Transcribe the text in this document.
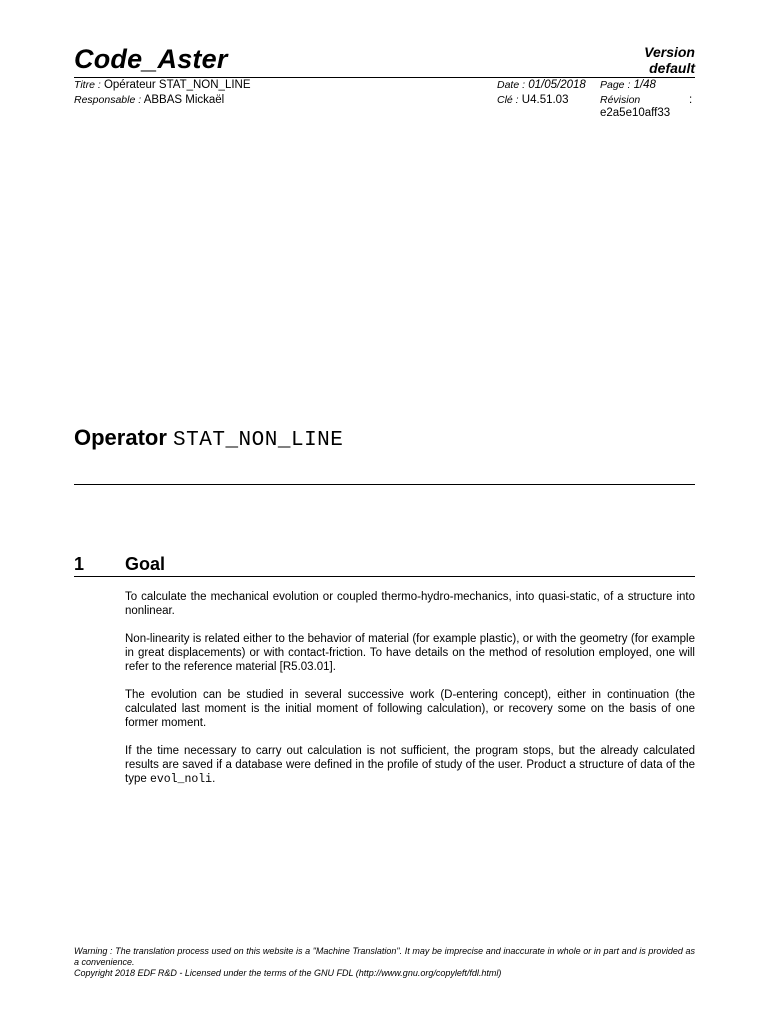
Code_Aster	Version
default
Titre : Opérateur STAT_NON_LINE
Responsable : ABBAS Mickaël
Date : 01/05/2018 Page : 1/48
Clé : U4.51.03	Révision	:
e2a5e10aff33
Operator STAT_NON_LINE
1 Goal

To calculate the mechanical evolution or coupled thermo-hydro-mechanics, into quasi-static, of a structure into nonlinear.

Non-linearity is related either to the behavior of material (for example plastic), or with the geometry (for example in great displacements) or with contact-friction. To have details on the method of resolution employed, one will refer to the reference material [R5.03.01].

The evolution can be studied in several successive work (D-entering concept), either in continuation (the calculated last moment is the initial moment of following calculation), or recovery some on the basis of one former moment.

If the time necessary to carry out calculation is not sufficient, the program stops, but the already calculated results are saved if a database were defined in the profile of study of the user. Product a structure of data of the type evol_noli.

Warning : The translation process used on this website is a "Machine Translation". It may be imprecise and inaccurate in whole or in part and is provided as a convenience.
Copyright 2018 EDF R&D - Licensed under the terms of the GNU FDL (http://www.gnu.org/copyleft/fdl.html)
